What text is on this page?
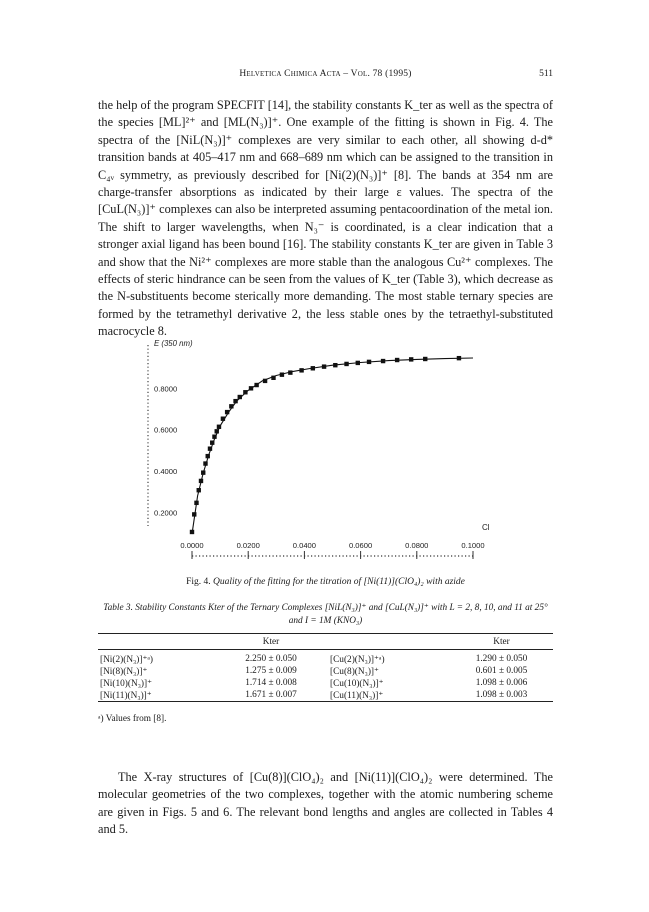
Helvetica Chimica Acta – Vol. 78 (1995)	511

the help of the program SPECFIT [14], the stability constants K_ter as well as the spectra of the species [ML]²⁺ and [ML(N₃)]⁺. One example of the fitting is shown in Fig. 4. The spectra of the [NiL(N₃)]⁺ complexes are very similar to each other, all showing d-d* transition bands at 405–417 nm and 668–689 nm which can be assigned to the transition in C₄ᵥ symmetry, as previously described for [Ni(2)(N₃)]⁺ [8]. The bands at 354 nm are charge-transfer absorptions as indicated by their large ε values. The spectra of the [CuL(N₃)]⁺ complexes can also be interpreted assuming pentacoordination of the metal ion. The shift to larger wavelengths, when N₃⁻ is coordinated, is a clear indication that a stronger axial ligand has been bound [16]. The stability constants K_ter are given in Table 3 and show that the Ni²⁺ complexes are more stable than the analogous Cu²⁺ complexes. The effects of steric hindrance can be seen from the values of K_ter (Table 3), which decrease as the N-substituents become sterically more demanding. The most stable ternary species are formed by the tetramethyl derivative 2, the less stable ones by the tetraethyl-substituted macrocycle 8.

0.0000	0.0200	0.0400	0.0600	0.0800	0.1000
0.2000
0.4000
0.6000
0.8000
E (350 nm)
Cl
Fig. 4. Quality of the fitting for the titration of [Ni(11)](ClO₄)₂ with azide
Table 3. Stability Constants Kter of the Ternary Complexes [NiL(N₃)]⁺ and [CuL(N₃)]⁺ with L = 2, 8, 10, and 11 at 25° and I = 1M (KNO₃)
	Kter		Kter
[Ni(2)(N₃)]⁺ᵃ)	2.250 ± 0.050	[Cu(2)(N₃)]⁺ᵃ)	1.290 ± 0.050
[Ni(8)(N₃)]⁺	1.275 ± 0.009	[Cu(8)(N₃)]⁺	0.601 ± 0.005
[Ni(10)(N₃)]⁺	1.714 ± 0.008	[Cu(10)(N₃)]⁺	1.098 ± 0.006
[Ni(11)(N₃)]⁺	1.671 ± 0.007	[Cu(11)(N₃)]⁺	1.098 ± 0.003
ᵃ) Values from [8].

The X-ray structures of [Cu(8)](ClO₄)₂ and [Ni(11)](ClO₄)₂ were determined. The molecular geometries of the two complexes, together with the atomic numbering scheme are given in Figs. 5 and 6. The relevant bond lengths and angles are collected in Tables 4 and 5.
